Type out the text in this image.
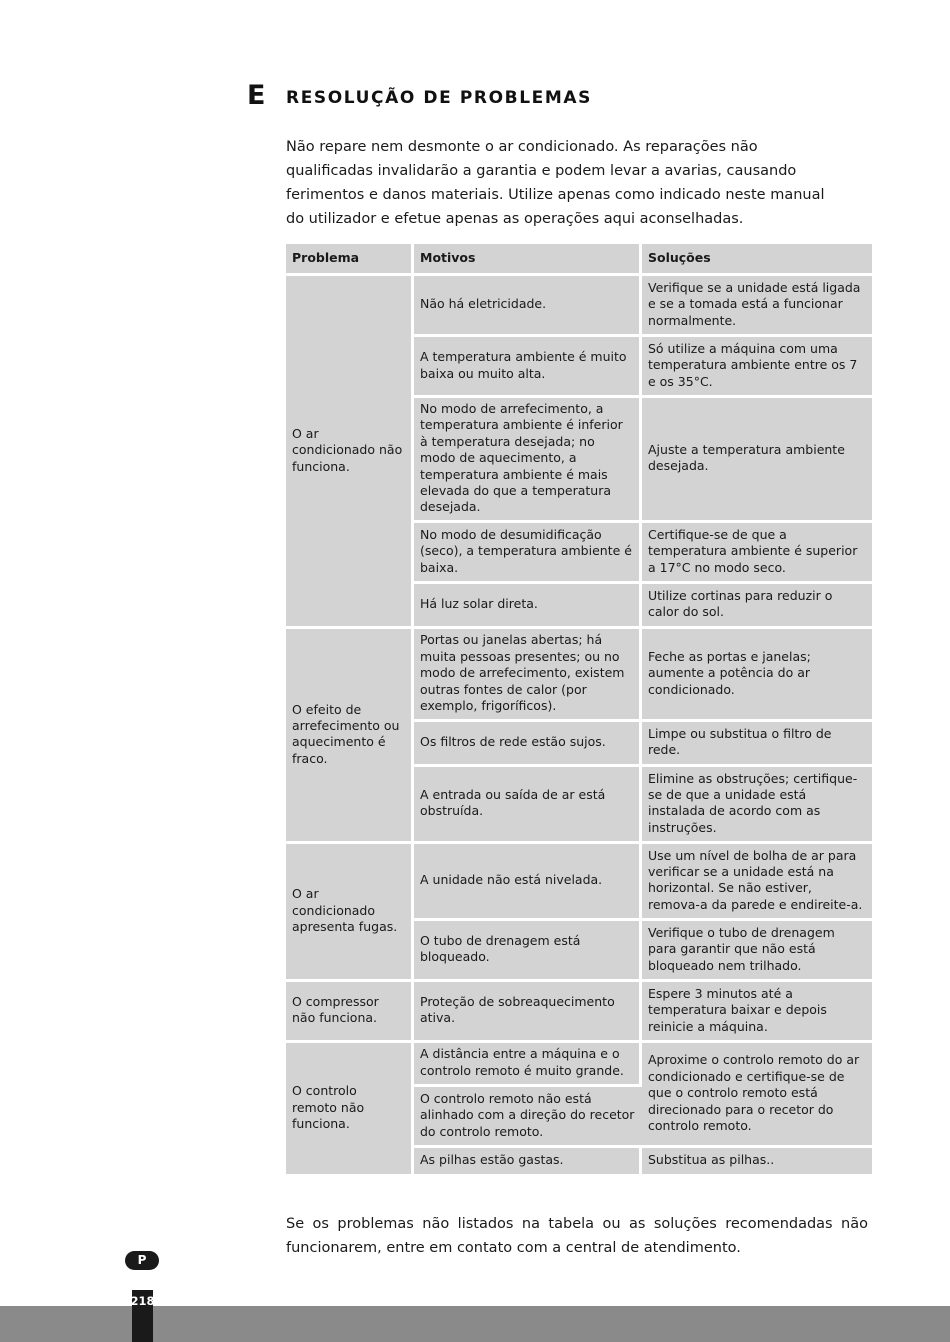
E RESOLUÇÃO DE PROBLEMAS

Não repare nem desmonte o ar condicionado. As reparações não qualificadas invalidarão a garantia e podem levar a avarias, causando ferimentos e danos materiais. Utilize apenas como indicado neste manual do utilizador e efetue apenas as operações aqui aconselhadas.

Problema	Motivos	Soluções
O ar condicionado não funciona.	Não há eletricidade.	Verifique se a unidade está ligada e se a tomada está a funcionar normalmente.
	A temperatura ambiente é muito baixa ou muito alta.	Só utilize a máquina com uma temperatura ambiente entre os 7 e os 35°C.
	No modo de arrefecimento, a temperatura ambiente é inferior à temperatura desejada; no modo de aquecimento, a temperatura ambiente é mais elevada do que a temperatura desejada.	Ajuste a temperatura ambiente desejada.
	No modo de desumidificação (seco), a temperatura ambiente é baixa.	Certifique-se de que a temperatura ambiente é superior a 17°C no modo seco.
	Há luz solar direta.	Utilize cortinas para reduzir o calor do sol.
O efeito de arrefecimento ou aquecimento é fraco.	Portas ou janelas abertas; há muita pessoas presentes; ou no modo de arrefecimento, existem outras fontes de calor (por exemplo, frigoríficos).	Feche as portas e janelas; aumente a potência do ar condicionado.
	Os filtros de rede estão sujos.	Limpe ou substitua o filtro de rede.
	A entrada ou saída de ar está obstruída.	Elimine as obstruções; certifique-se de que a unidade está instalada de acordo com as instruções.
O ar condicionado apresenta fugas.	A unidade não está nivelada.	Use um nível de bolha de ar para verificar se a unidade está na horizontal. Se não estiver, remova-a da parede e endireite-a.
	O tubo de drenagem está bloqueado.	Verifique o tubo de drenagem para garantir que não está bloqueado nem trilhado.
O compressor não funciona.	Proteção de sobreaquecimento ativa.	Espere 3 minutos até a temperatura baixar e depois reinicie a máquina.
O controlo remoto não funciona.	A distância entre a máquina e o controlo remoto é muito grande.	Aproxime o controlo remoto do ar condicionado e certifique-se de que o controlo remoto está direcionado para o recetor do controlo remoto.
	O controlo remoto não está alinhado com a direção do recetor do controlo remoto.	
	As pilhas estão gastas.	Substitua as pilhas..

Se os problemas não listados na tabela ou as soluções recomendadas não funcionarem, entre em contato com a central de atendimento.

P
218
